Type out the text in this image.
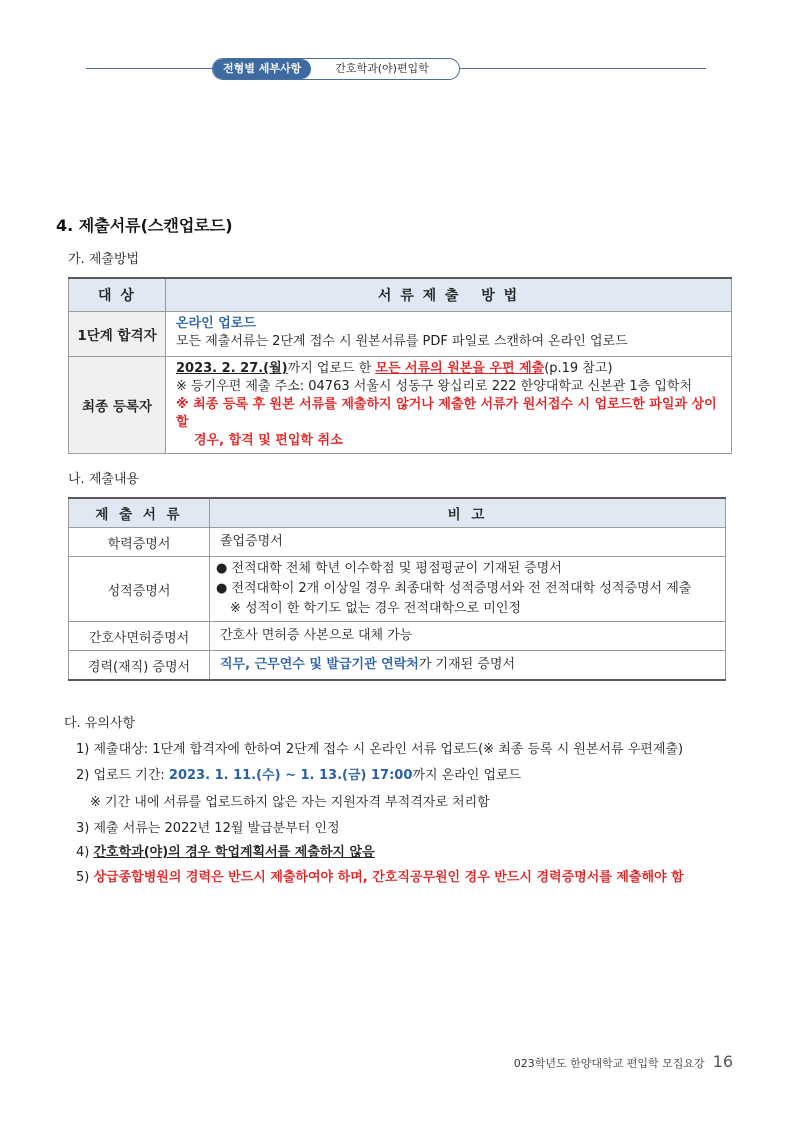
전형별 세부사항	간호학과(야)편입학
4. 제출서류(스캔업로드)
가. 제출방법
대 상	서 류 제 출   방 법
1단계 합격자	온라인 업로드
모든 제출서류는 2단계 접수 시 원본서류를 PDF 파일로 스캔하여 온라인 업로드

최종 등록자	2023. 2. 27.(월)까지 업로드 한 모든 서류의 원본을 우편 제출(p.19 참고)
※ 등기우편 제출 주소: 04763 서울시 성동구 왕십리로 222 한양대학교 신본관 1층 입학처
※ 최종 등록 후 원본 서류를 제출하지 않거나 제출한 서류가 원서접수 시 업로드한 파일과 상이할
경우, 합격 및 편입학 취소
나. 제출내용
제 출 서 류	비 고
학력증명서	졸업증명서
성적증명서	● 전적대학 전체 학년 이수학점 및 평점평균이 기재된 증명서
● 전적대학이 2개 이상일 경우 최종대학 성적증명서와 전 전적대학 성적증명서 제출
※ 성적이 한 학기도 없는 경우 전적대학으로 미인정

간호사면허증명서	간호사 면허증 사본으로 대체 가능
경력(재직) 증명서	직무, 근무연수 및 발급기관 연락처가 기재된 증명서
다. 유의사항
1) 제출대상: 1단계 합격자에 한하여 2단계 접수 시 온라인 서류 업로드(※ 최종 등록 시 원본서류 우편제출)
2) 업로드 기간: 2023. 1. 11.(수) ~ 1. 13.(금) 17:00까지 온라인 업로드
※ 기간 내에 서류를 업로드하지 않은 자는 지원자격 부적격자로 처리함
3) 제출 서류는 2022년 12월 발급분부터 인정
4) 간호학과(야)의 경우 학업계획서를 제출하지 않음
5) 상급종합병원의 경력은 반드시 제출하여야 하며, 간호직공무원인 경우 반드시 경력증명서를 제출해야 함
023학년도 한양대학교 편입학 모집요강 16
